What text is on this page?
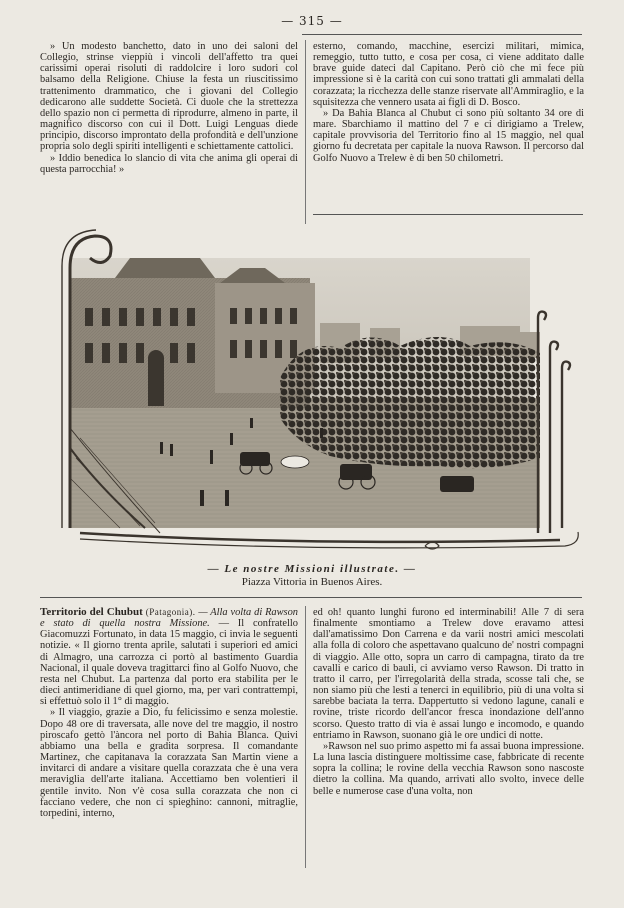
— 315 —

» Un modesto banchetto, dato in uno dei saloni del Collegio, strinse vieppiù i vincoli dell'affetto tra quei carissimi operai risoluti di raddolcire i loro sudori col balsamo della Religione. Chiuse la festa un riuscitissimo trattenimento drammatico, che i giovani del Collegio dedicarono alle suddette Società. Ci duole che la strettezza dello spazio non ci permetta di riprodurre, almeno in parte, il magnifico discorso con cui il Dott. Luigi Lenguas diede principio, discorso improntato della profondità e dell'unzione propria solo degli spiriti intelligenti e schiettamente cattolici.

» Iddio benedica lo slancio di vita che anima gli operai di questa parrocchia! »

esterno, comando, macchine, esercizi militari, mimica, remeggio, tutto tutto, e cosa per cosa, ci viene additato dalle brave guide dateci dal Capitano. Però ciò che mi fece più impressione si è la carità con cui sono trattati gli ammalati della corazzata; la ricchezza delle stanze riservate all'Ammiraglio, e la squisitezza che vennero usata ai figli di D. Bosco.

» Da Bahia Blanca al Chubut ci sono più soltanto 34 ore di mare. Sbarchiamo il mattino del 7 e ci dirigiamo a Trelew, capitale provvisoria del Territorio fino al 15 maggio, nel qual giorno fu decretata per capitale la nuova Rawson. Il percorso dal Golfo Nuovo a Trelew è di ben 50 chilometri.

— Le nostre Missioni illustrate. —
Piazza Vittoria in Buenos Aires.

Territorio del Chubut (Patagonia). — Alla volta di Rawson e stato di quella nostra Missione. — Il confratello Giacomuzzi Fortunato, in data 15 maggio, ci invia le seguenti notizie. « Il giorno trenta aprile, salutati i superiori ed amici di Almagro, una carrozza ci portò al bastimento Guardia Nacional, il quale doveva tragittarci fino al Golfo Nuovo, che resta nel Chubut. La partenza dal porto era stabilita per le dieci antimeridiane di quel giorno, ma, per vari contrattempi, si effettuò solo il 1° di maggio.

» Il viaggio, grazie a Dio, fu felicissimo e senza molestie. Dopo 48 ore di traversata, alle nove del tre maggio, il nostro piroscafo gettò l'àncora nel porto di Bahia Blanca. Quivi abbiamo una bella e gradita sorpresa. Il comandante Martinez, che capitanava la corazzata San Martin viene a invitarci di andare a visitare quella corazzata che è una vera meraviglia dell'arte italiana. Accettiamo ben volentieri il gentile invito. Non v'è cosa sulla corazzata che non ci facciano vedere, che non ci spieghino: cannoni, mitraglie, torpedini, interno,

ed oh! quanto lunghi furono ed interminabili! Alle 7 di sera finalmente smontiamo a Trelew dove eravamo attesi dall'amatissimo Don Carrena e da varii nostri amici mescolati alla folla di coloro che aspettavano qualcuno de' nostri compagni di viaggio. Alle otto, sopra un carro di campagna, tirato da tre cavalli e carico di bauli, ci avviamo verso Rawson. Di tratto in tratto il carro, per l'irregolarità della strada, scosse tali che, se non siamo più che lesti a tenerci in equilibrio, più di una volta si sarebbe baciata la terra. Dappertutto si vedono lagune, canali e rovine, triste ricordo dell'ancor fresca inondazione dell'anno scorso. Questo tratto di via è assai lungo e incomodo, e quando entriamo in Rawson, suonano già le ore undici di notte.

»Rawson nel suo primo aspetto mi fa assai buona impressione. La luna lascia distinguere moltissime case, fabbricate di recente sopra la collina; le rovine della vecchia Rawson sono nascoste dietro la collina. Ma quando, arrivati allo svolto, invece delle belle e numerose case d'una volta, non
